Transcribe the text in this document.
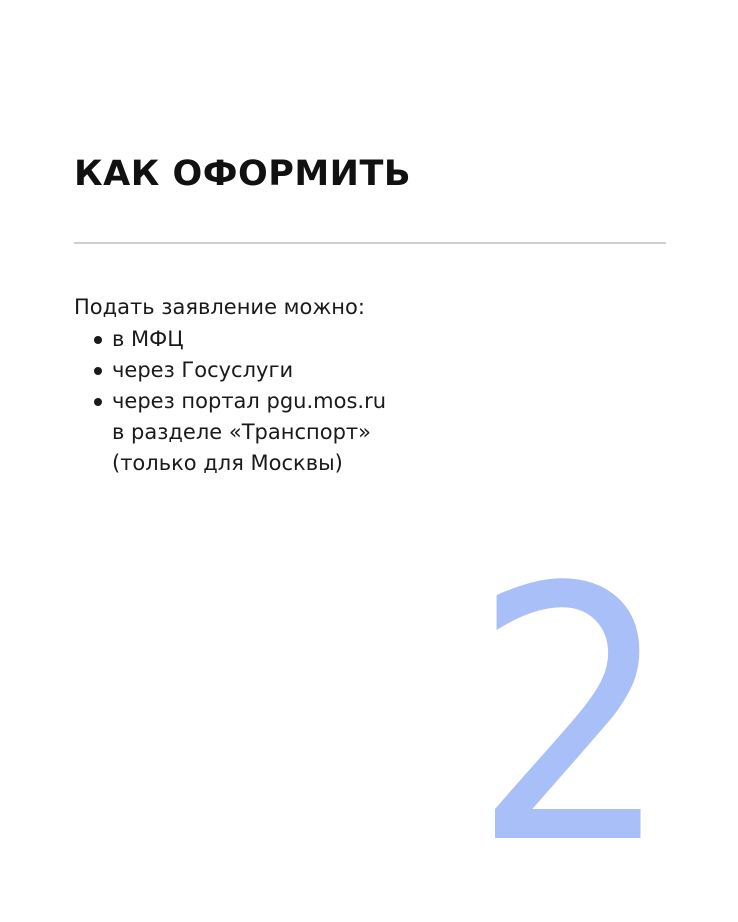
КАК ОФОРМИТЬ

Подать заявление можно:

в МФЦ
через Госуслуги
через портал pgu.mos.ru
в разделе «Транспорт»
(только для Москвы)
2
